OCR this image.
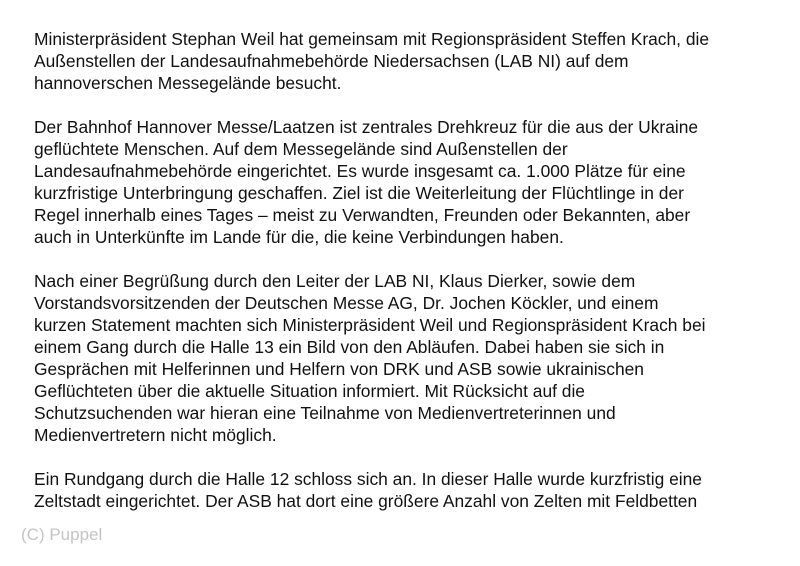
Ministerpräsident Stephan Weil hat gemeinsam mit Regionspräsident Steffen Krach, die
Außenstellen der Landesaufnahmebehörde Niedersachsen (LAB NI) auf dem
hannoverschen Messegelände besucht.

Der Bahnhof Hannover Messe/Laatzen ist zentrales Drehkreuz für die aus der Ukraine
geflüchtete Menschen. Auf dem Messegelände sind Außenstellen der
Landesaufnahmebehörde eingerichtet. Es wurde insgesamt ca. 1.000 Plätze für eine
kurzfristige Unterbringung geschaffen. Ziel ist die Weiterleitung der Flüchtlinge in der
Regel innerhalb eines Tages – meist zu Verwandten, Freunden oder Bekannten, aber
auch in Unterkünfte im Lande für die, die keine Verbindungen haben.

Nach einer Begrüßung durch den Leiter der LAB NI, Klaus Dierker, sowie dem
Vorstandsvorsitzenden der Deutschen Messe AG, Dr. Jochen Köckler, und einem
kurzen Statement machten sich Ministerpräsident Weil und Regionspräsident Krach bei
einem Gang durch die Halle 13 ein Bild von den Abläufen. Dabei haben sie sich in
Gesprächen mit Helferinnen und Helfern von DRK und ASB sowie ukrainischen
Geflüchteten über die aktuelle Situation informiert. Mit Rücksicht auf die
Schutzsuchenden war hieran eine Teilnahme von Medienvertreterinnen und
Medienvertretern nicht möglich.

Ein Rundgang durch die Halle 12 schloss sich an. In dieser Halle wurde kurzfristig eine
Zeltstadt eingerichtet. Der ASB hat dort eine größere Anzahl von Zelten mit Feldbetten

(C) Puppel
